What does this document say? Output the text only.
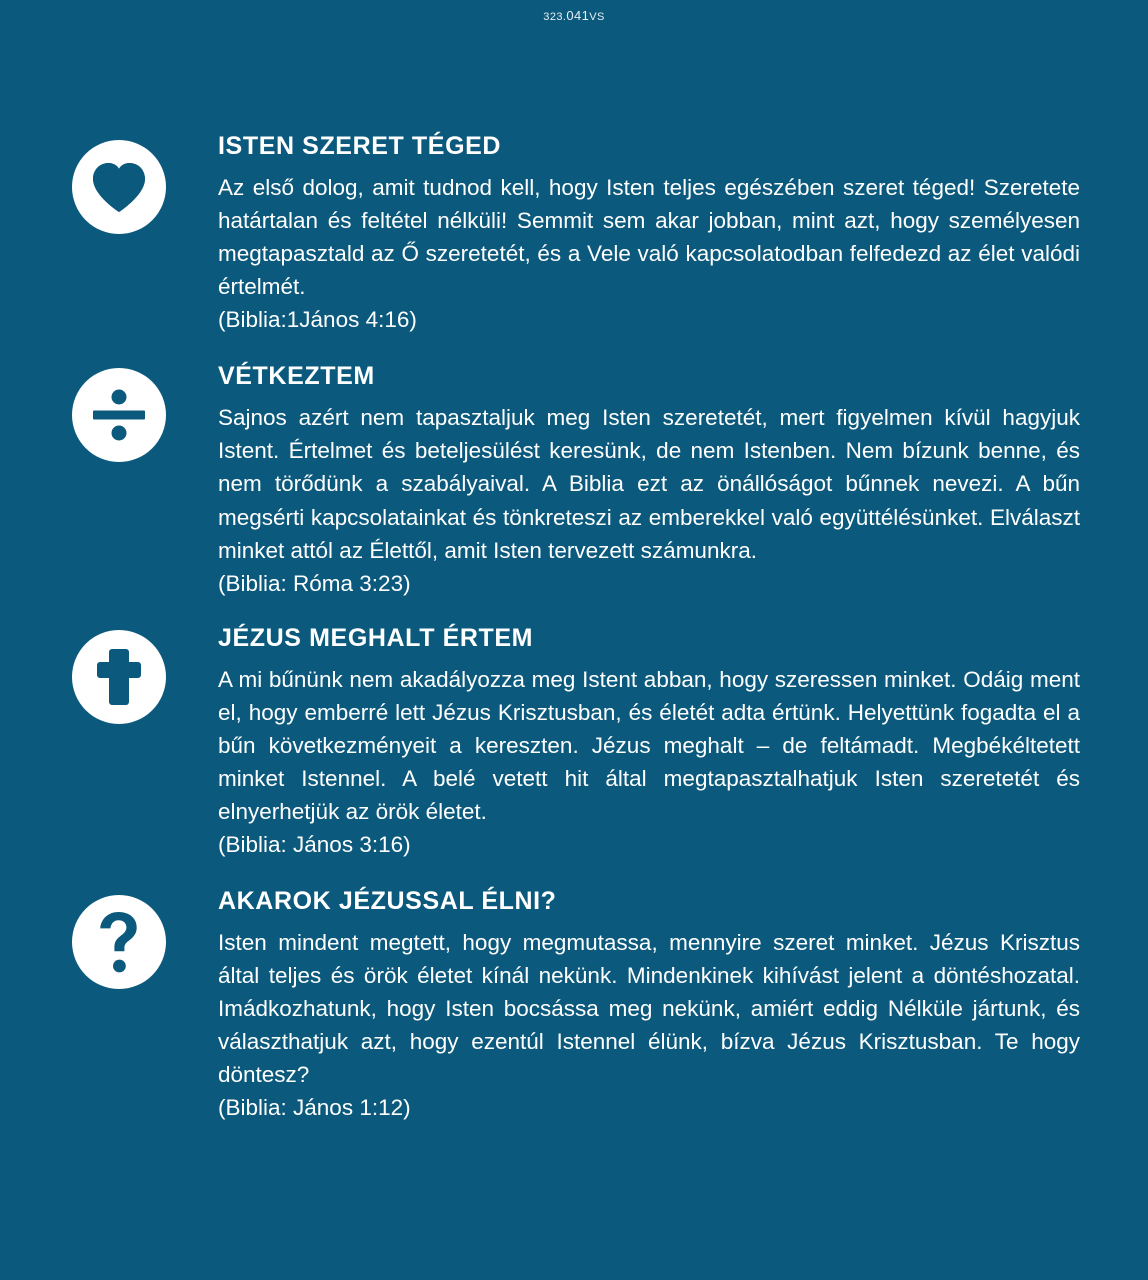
323.041VS
ISTEN SZERET TÉGED

Az első dolog, amit tudnod kell, hogy Isten teljes egészében szeret téged! Szeretete határtalan és feltétel nélküli! Semmit sem akar jobban, mint azt, hogy személyesen megtapasztald az Ő szeretetét, és a Vele való kapcsolatodban felfedezd az élet valódi értelmét.

(Biblia:1János 4:16)

VÉTKEZTEM

Sajnos azért nem tapasztaljuk meg Isten szeretetét, mert figyelmen kívül hagyjuk Istent. Értelmet és beteljesülést keresünk, de nem Istenben. Nem bízunk benne, és nem törődünk a szabályaival. A Biblia ezt az önállóságot bűnnek nevezi. A bűn megsérti kapcsolatainkat és tönkreteszi az emberekkel való együttélésünket. Elválaszt minket attól az Élettől, amit Isten tervezett számunkra.

(Biblia: Róma 3:23)

JÉZUS MEGHALT ÉRTEM

A mi bűnünk nem akadályozza meg Istent abban, hogy szeressen minket. Odáig ment el, hogy emberré lett Jézus Krisztusban, és életét adta értünk. Helyettünk fogadta el a bűn következményeit a kereszten. Jézus meghalt – de feltámadt. Megbékéltetett minket Istennel. A belé vetett hit által megtapasztalhatjuk Isten szeretetét és elnyerhetjük az örök életet.

(Biblia: János 3:16)

AKAROK JÉZUSSAL ÉLNI?

Isten mindent megtett, hogy megmutassa, mennyire szeret minket. Jézus Krisztus által teljes és örök életet kínál nekünk. Mindenkinek kihívást jelent a döntéshozatal. Imádkozhatunk, hogy Isten bocsássa meg nekünk, amiért eddig Nélküle jártunk, és választhatjuk azt, hogy ezentúl Istennel élünk, bízva Jézus Krisztusban. Te hogy döntesz?

(Biblia: János 1:12)
